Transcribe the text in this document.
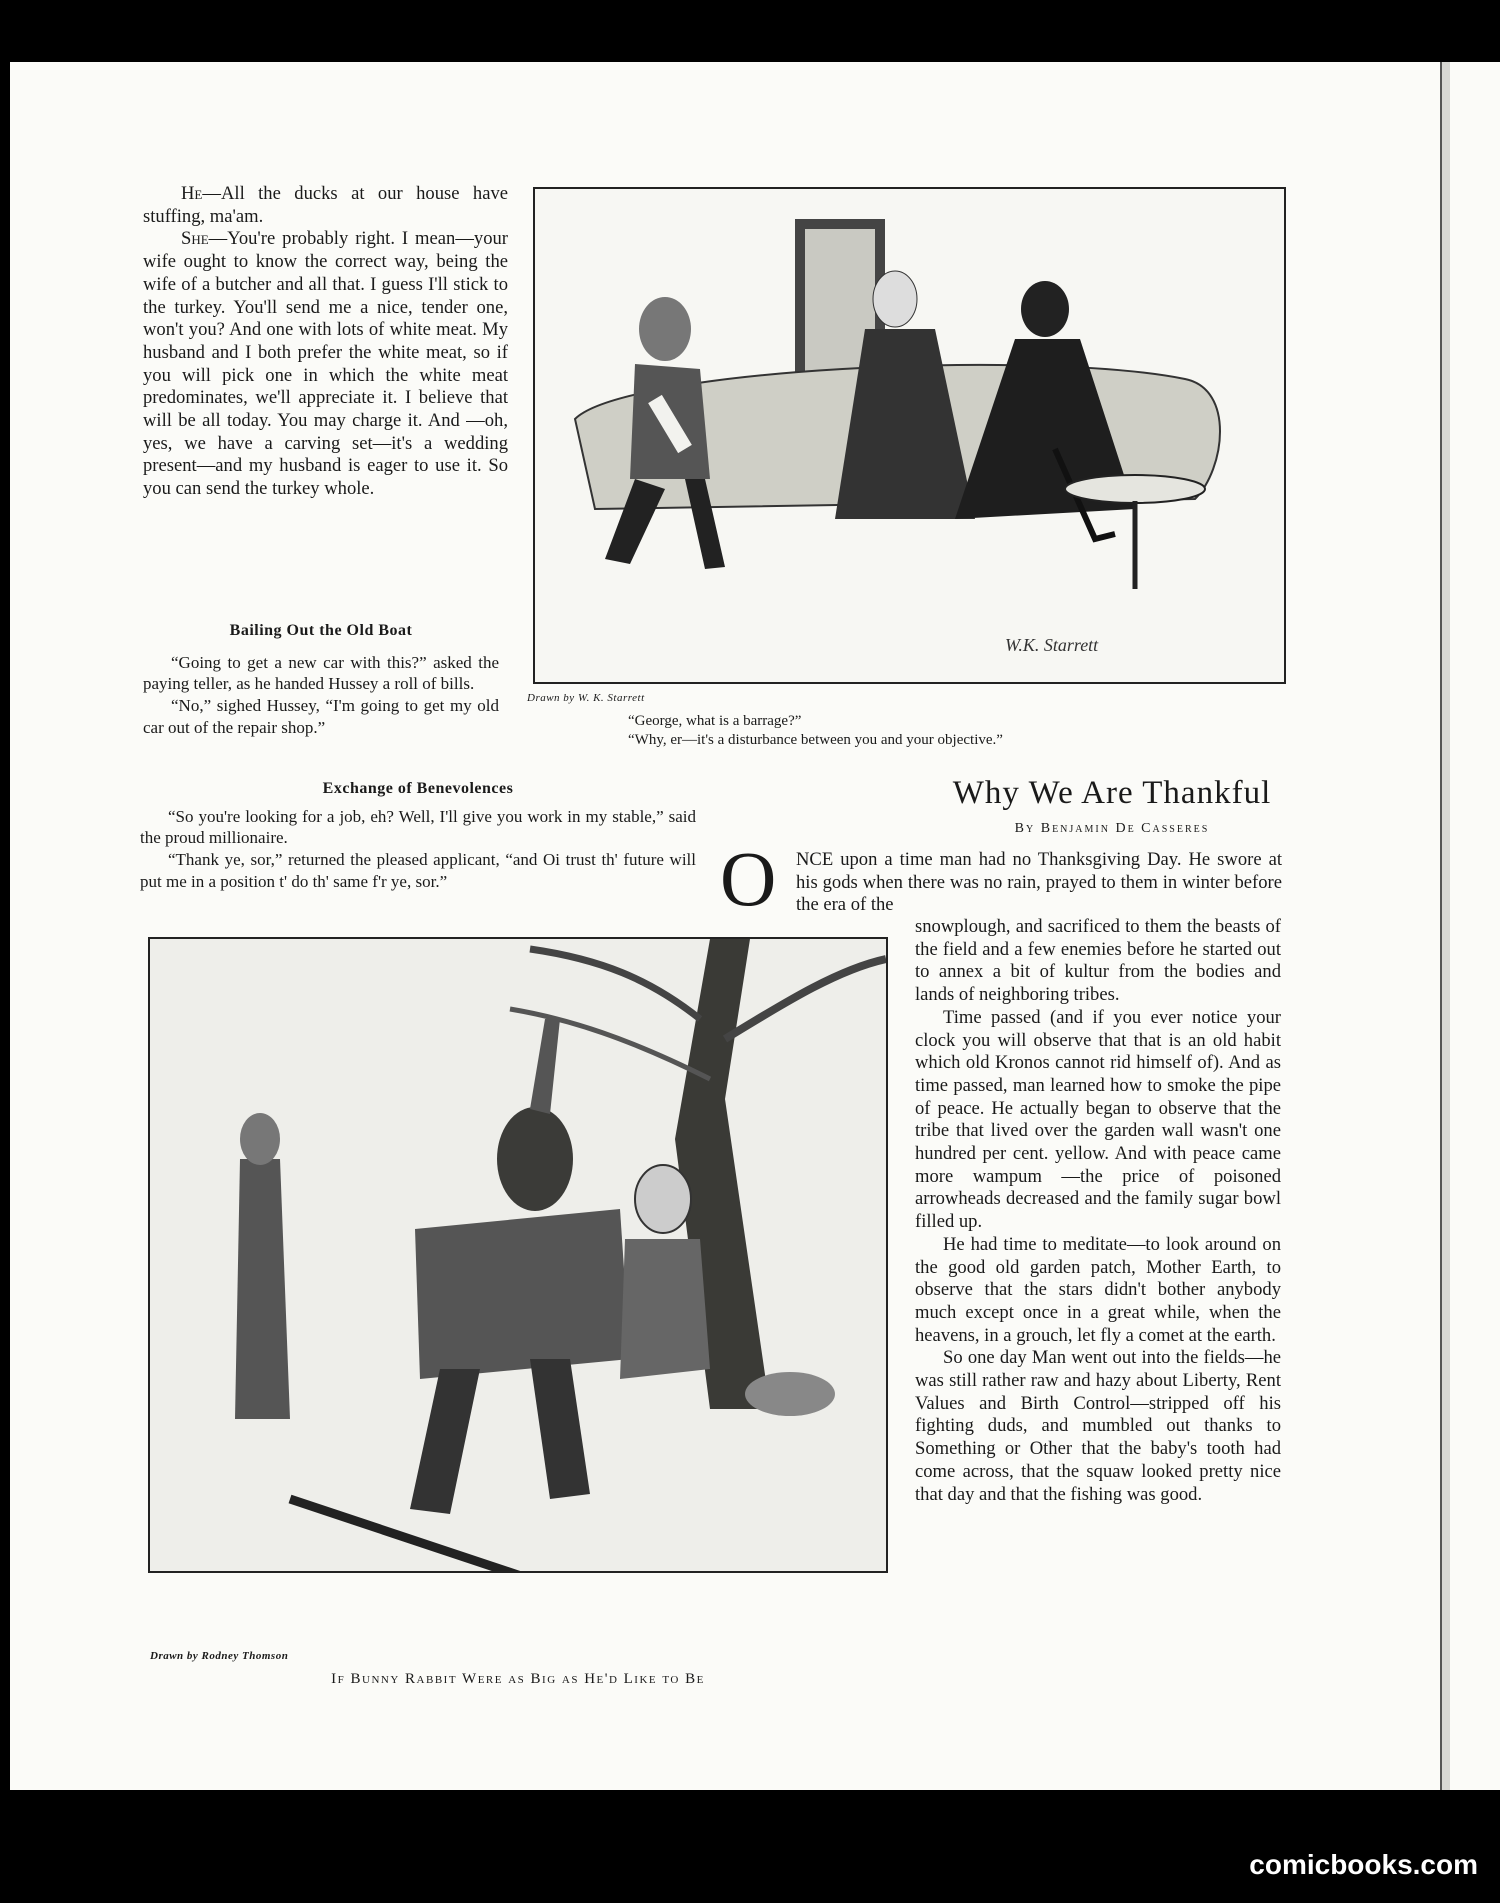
He—All the ducks at our house have stuffing, ma'am.

She—You're probably right. I mean—your wife ought to know the correct way, being the wife of a butcher and all that. I guess I'll stick to the turkey. You'll send me a nice, tender one, won't you? And one with lots of white meat. My husband and I both prefer the white meat, so if you will pick one in which the white meat predominates, we'll appreciate it. I believe that will be all today. You may charge it. And —oh, yes, we have a carving set—it's a wedding present—and my husband is eager to use it. So you can send the turkey whole.

Bailing Out the Old Boat

“Going to get a new car with this?” asked the paying teller, as he handed Hussey a roll of bills.

“No,” sighed Hussey, “I'm going to get my old car out of the repair shop.”

W.K. Starrett
Drawn by W. K. Starrett
“George, what is a barrage?”
“Why, er—it's a disturbance between you and your objective.”
Exchange of Benevolences

“So you're looking for a job, eh? Well, I'll give you work in my stable,” said the proud millionaire.

“Thank ye, sor,” returned the pleased applicant, “and Oi trust th' future will put me in a position t' do th' same f'r ye, sor.”

Why We Are Thankful
By Benjamin De Casseres
O NCE upon a time man had no Thanksgiving Day. He swore at his gods when there was no rain, prayed to them in winter before the era of the

Drawn by Rodney Thomson
If Bunny Rabbit Were as Big as He'd Like to Be

snowplough, and sacrificed to them the beasts of the field and a few enemies before he started out to annex a bit of kultur from the bodies and lands of neighboring tribes.

Time passed (and if you ever notice your clock you will observe that that is an old habit which old Kronos cannot rid himself of). And as time passed, man learned how to smoke the pipe of peace. He actually began to observe that the tribe that lived over the garden wall wasn't one hundred per cent. yellow. And with peace came more wampum —the price of poisoned arrowheads decreased and the family sugar bowl filled up.

He had time to meditate—to look around on the good old garden patch, Mother Earth, to observe that the stars didn't bother anybody much except once in a great while, when the heavens, in a grouch, let fly a comet at the earth.

So one day Man went out into the fields—he was still rather raw and hazy about Liberty, Rent Values and Birth Control—stripped off his fighting duds, and mumbled out thanks to Something or Other that the baby's tooth had come across, that the squaw looked pretty nice that day and that the fishing was good.

comicbooks.com
